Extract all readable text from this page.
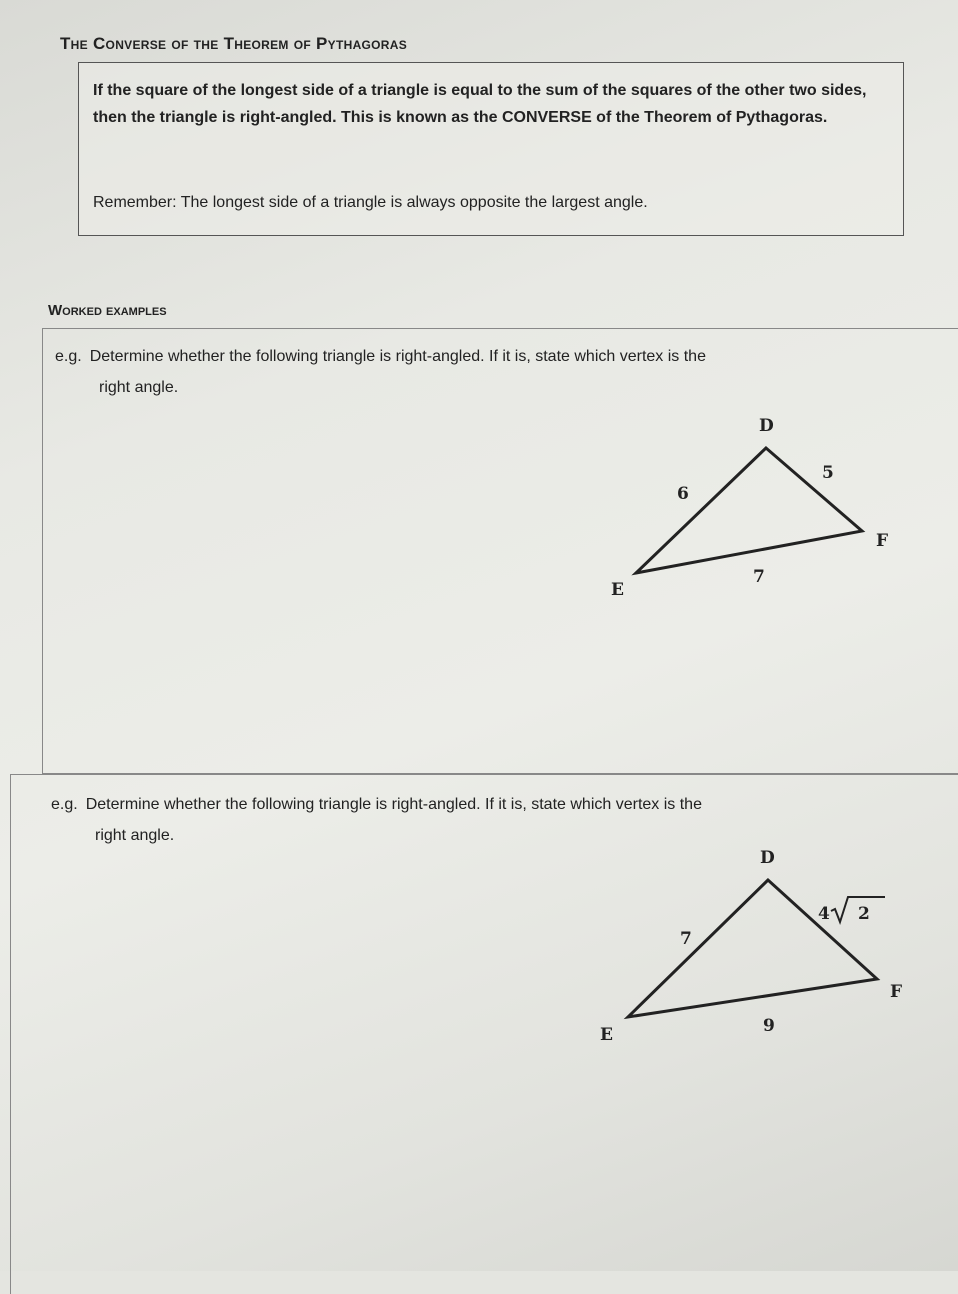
The Converse of the Theorem of Pythagoras

If the square of the longest side of a triangle is equal to the sum of the squares of the other two sides, then the triangle is right-angled. This is known as the CONVERSE of the Theorem of Pythagoras.

Remember: The longest side of a triangle is always opposite the largest angle.

Worked examples

e.g. Determine whether the following triangle is right-angled. If it is, state which vertex is the
right angle.

D
E
F
6
5
7

e.g. Determine whether the following triangle is right-angled. If it is, state which vertex is the
right angle.

D
E
F
7
4 2
9
